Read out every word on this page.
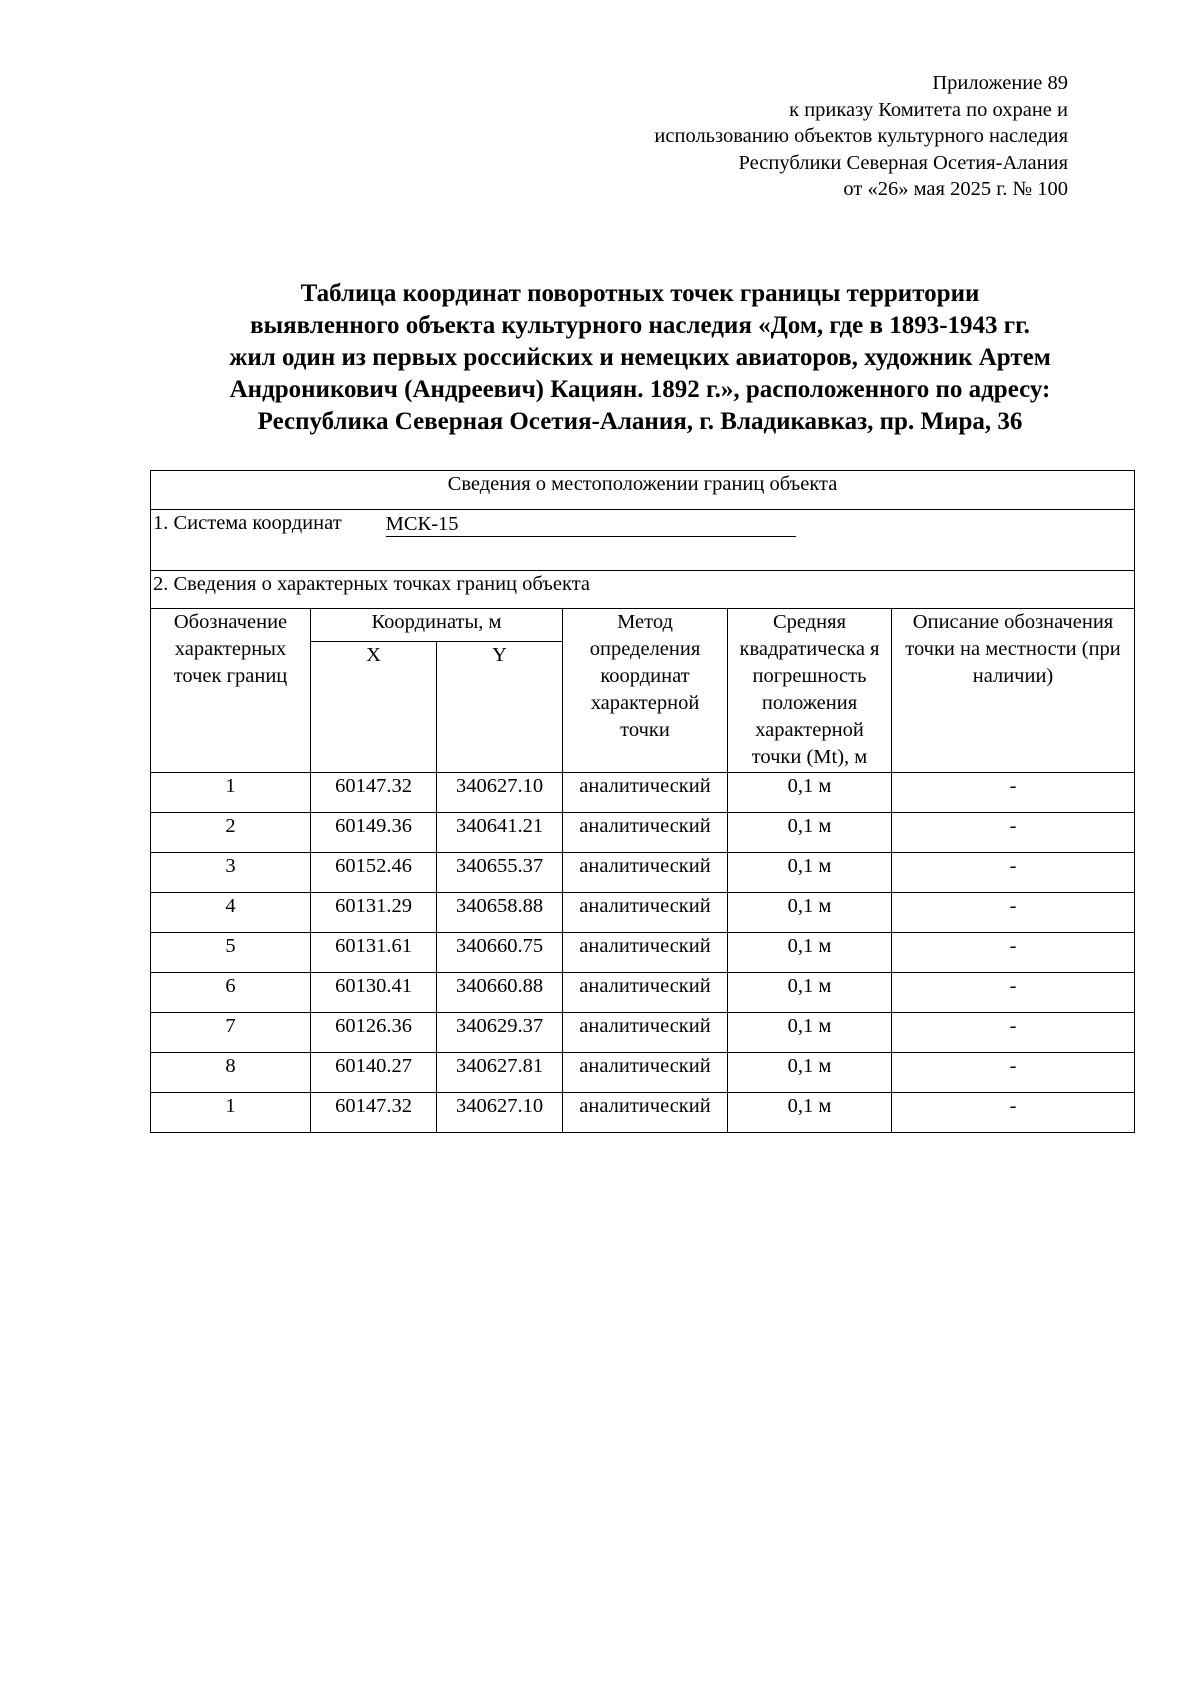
Приложение 89
к приказу Комитета по охране и
использованию объектов культурного наследия
Республики Северная Осетия-Алания
от «26» мая 2025 г. № 100
Таблица координат поворотных точек границы территории
выявленного объекта культурного наследия «Дом, где в 1893-1943 гг.
жил один из первых российских и немецких авиаторов, художник Артем
Андроникович (Андреевич) Кациян. 1892 г.», расположенного по адресу:
Республика Северная Осетия-Алания, г. Владикавказ, пр. Мира, 36
Сведения о местоположении границ объекта					
1. Система координат МСК-15					
2. Сведения о характерных точках границ объекта					
Обозначение характерных точек границ	Координаты, м		Метод определения координат характерной точки	Средняя квадратическа я погрешность положения характерной точки (Mt), м	Описание обозначения точки на местности (при наличии)
	X	Y			
1	60147.32	340627.10	аналитический	0,1 м	-
2	60149.36	340641.21	аналитический	0,1 м	-
3	60152.46	340655.37	аналитический	0,1 м	-
4	60131.29	340658.88	аналитический	0,1 м	-
5	60131.61	340660.75	аналитический	0,1 м	-
6	60130.41	340660.88	аналитический	0,1 м	-
7	60126.36	340629.37	аналитический	0,1 м	-
8	60140.27	340627.81	аналитический	0,1 м	-
1	60147.32	340627.10	аналитический	0,1 м	-
